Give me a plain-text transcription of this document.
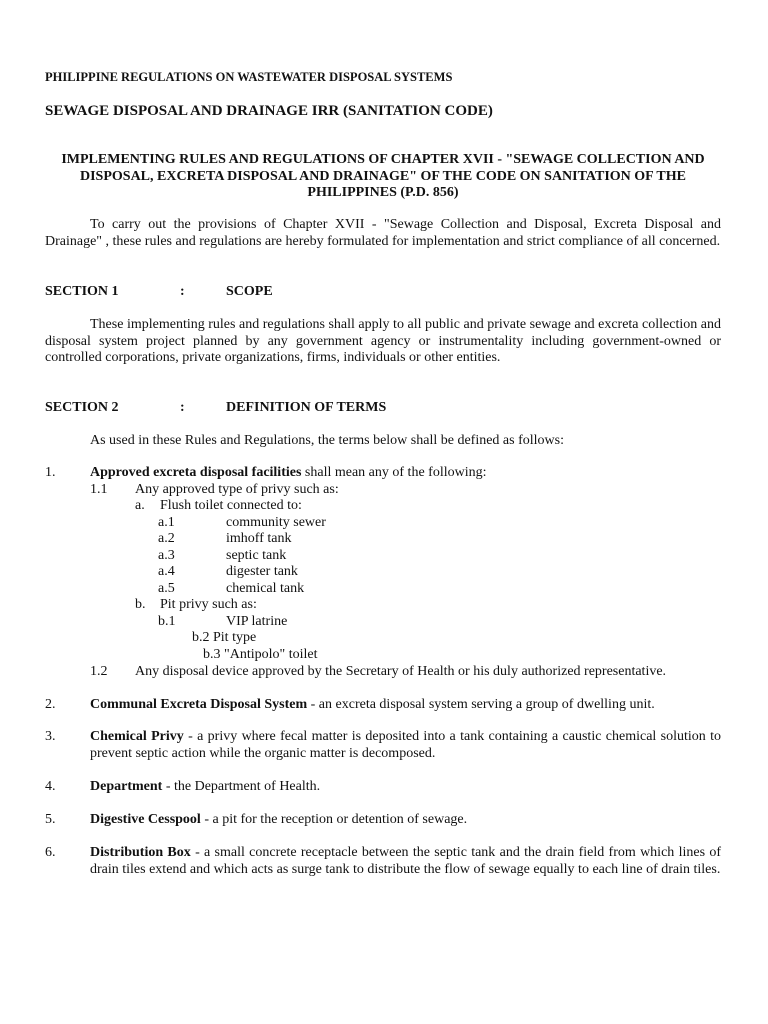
PHILIPPINE REGULATIONS ON WASTEWATER DISPOSAL SYSTEMS
SEWAGE DISPOSAL AND DRAINAGE IRR (SANITATION CODE)
IMPLEMENTING RULES AND REGULATIONS OF CHAPTER XVII - "SEWAGE COLLECTION AND DISPOSAL, EXCRETA DISPOSAL AND DRAINAGE" OF THE CODE ON SANITATION OF THE PHILIPPINES (P.D. 856)
To carry out the provisions of Chapter XVII - "Sewage Collection and Disposal, Excreta Disposal and Drainage" , these rules and regulations are hereby formulated for implementation and strict compliance of all concerned.
SECTION 1	:	SCOPE
These implementing rules and regulations shall apply to all public and private sewage and excreta collection and disposal system project planned by any government agency or instrumentality including government-owned or controlled corporations, private organizations, firms, individuals or other entities.
SECTION 2	:	DEFINITION OF TERMS
As used in these Rules and Regulations, the terms below shall be defined as follows:
1. Approved excreta disposal facilities shall mean any of the following:
1.1 Any approved type of privy such as:
a. Flush toilet connected to:
a.1	community sewer
a.2	imhoff tank
a.3	septic tank
a.4	digester tank
a.5	chemical tank
b. Pit privy such as:
b.1	VIP latrine
b.2 Pit type
b.3 "Antipolo" toilet
1.2 Any disposal device approved by the Secretary of Health or his duly authorized representative.
2. Communal Excreta Disposal System - an excreta disposal system serving a group of dwelling unit.
3. Chemical Privy - a privy where fecal matter is deposited into a tank containing a caustic chemical solution to prevent septic action while the organic matter is decomposed.
4. Department - the Department of Health.
5. Digestive Cesspool - a pit for the reception or detention of sewage.
6. Distribution Box - a small concrete receptacle between the septic tank and the drain field from which lines of drain tiles extend and which acts as surge tank to distribute the flow of sewage equally to each line of drain tiles.
